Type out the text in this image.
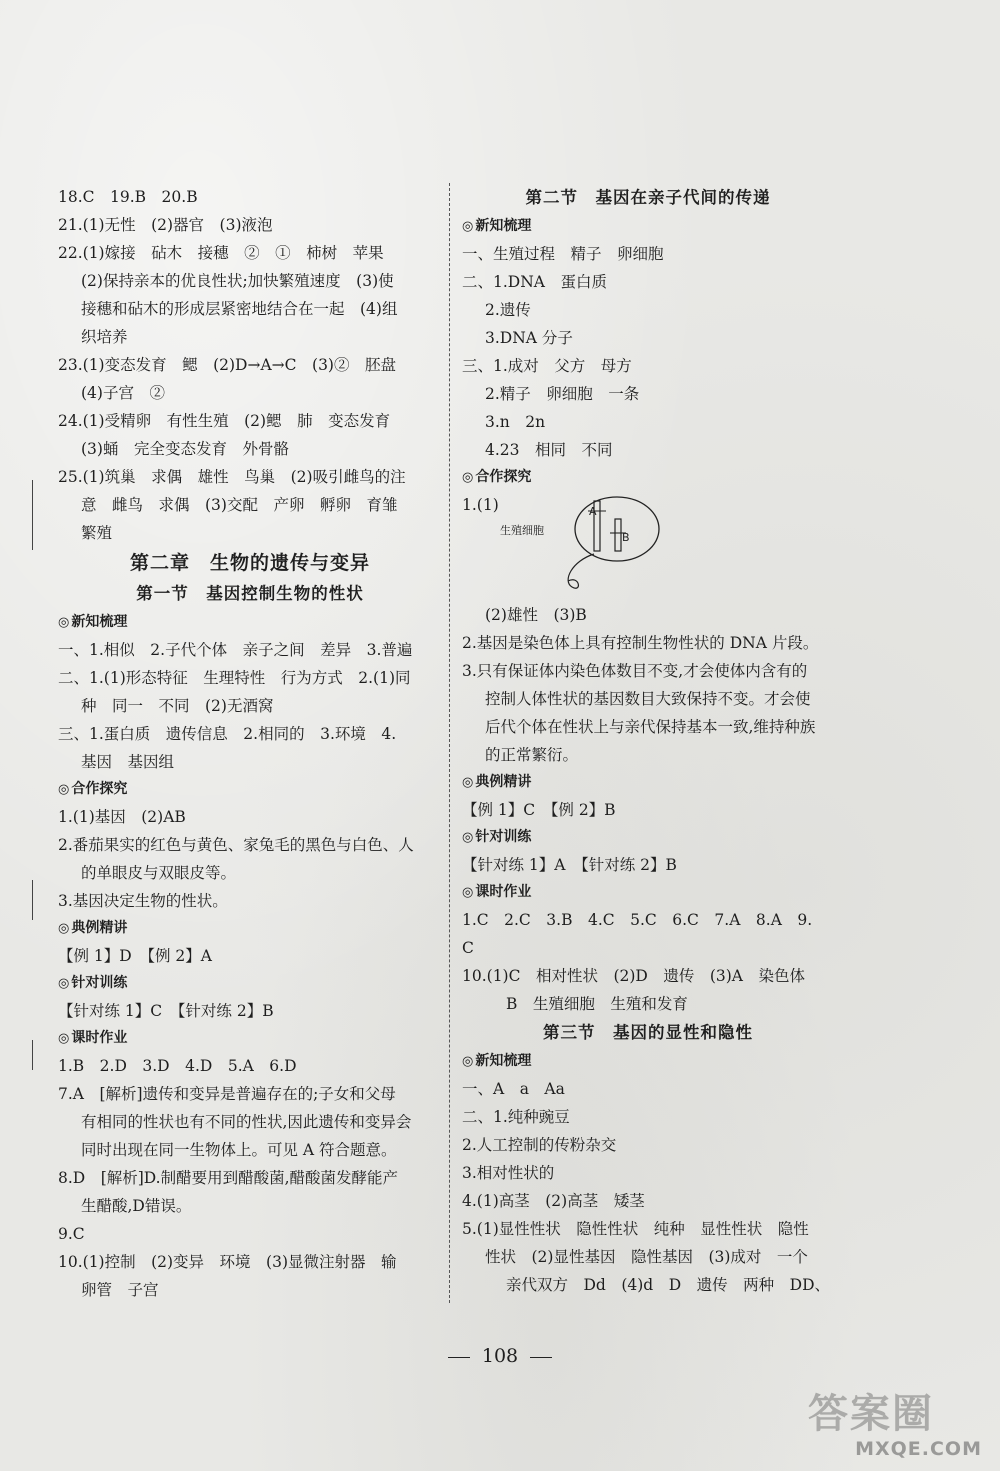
18.C　19.B　20.B
21.(1)无性　(2)器官　(3)液泡
22.(1)嫁接　砧木　接穗　②　①　柿树　苹果
(2)保持亲本的优良性状;加快繁殖速度　(3)使
接穗和砧木的形成层紧密地结合在一起　(4)组
织培养
23.(1)变态发育　鳃　(2)D→A→C　(3)②　胚盘
(4)子宫　②
24.(1)受精卵　有性生殖　(2)鳃　肺　变态发育
(3)蛹　完全变态发育　外骨骼
25.(1)筑巢　求偶　雄性　鸟巢　(2)吸引雌鸟的注
意　雌鸟　求偶　(3)交配　产卵　孵卵　育雏
繁殖
第二章　生物的遗传与变异
第一节　基因控制生物的性状
◎ 新知梳理
一、1.相似　2.子代个体　亲子之间　差异　3.普遍
二、1.(1)形态特征　生理特性　行为方式　2.(1)同
种　同一　不同　(2)无酒窝
三、1.蛋白质　遗传信息　2.相同的　3.环境　4.
基因　基因组
◎ 合作探究
1.(1)基因　(2)AB
2.番茄果实的红色与黄色、家兔毛的黑色与白色、人
的单眼皮与双眼皮等。
3.基因决定生物的性状。
◎ 典例精讲
【例 1】D　【例 2】A
◎ 针对训练
【针对练 1】C　【针对练 2】B
◎ 课时作业
1.B　2.D　3.D　4.D　5.A　6.D
7.A　[解析]遗传和变异是普遍存在的;子女和父母
有相同的性状也有不同的性状,因此遗传和变异会
同时出现在同一生物体上。可见 A 符合题意。
8.D　[解析]D.制醋要用到醋酸菌,醋酸菌发酵能产
生醋酸,D错误。
9.C
10.(1)控制　(2)变异　环境　(3)显微注射器　输
卵管　子宫
第二节　基因在亲子代间的传递
◎ 新知梳理
一、生殖过程　精子　卵细胞
二、1.DNA　蛋白质
2.遗传
3.DNA 分子
三、1.成对　父方　母方
2.精子　卵细胞　一条
3.n　2n
4.23　相同　不同
◎ 合作探究
1.(1)
生殖细胞
A
B
(2)雄性　(3)B
2.基因是染色体上具有控制生物性状的 DNA 片段。
3.只有保证体内染色体数目不变,才会使体内含有的
控制人体性状的基因数目大致保持不变。才会使
后代个体在性状上与亲代保持基本一致,维持种族
的正常繁衍。
◎ 典例精讲
【例 1】C　【例 2】B
◎ 针对训练
【针对练 1】A　【针对练 2】B
◎ 课时作业
1.C　2.C　3.B　4.C　5.C　6.C　7.A　8.A　9.
C
10.(1)C　相对性状　(2)D　遗传　(3)A　染色体
B　生殖细胞　生殖和发育
第三节　基因的显性和隐性
◎ 新知梳理
一、A　a　Aa
二、1.纯种豌豆
2.人工控制的传粉杂交
3.相对性状的
4.(1)高茎　(2)高茎　矮茎
5.(1)显性性状　隐性性状　纯种　显性性状　隐性
性状　(2)显性基因　隐性基因　(3)成对　一个
亲代双方　Dd　(4)d　D　遗传　两种　DD、
108
答案圈
MXQE.COM
